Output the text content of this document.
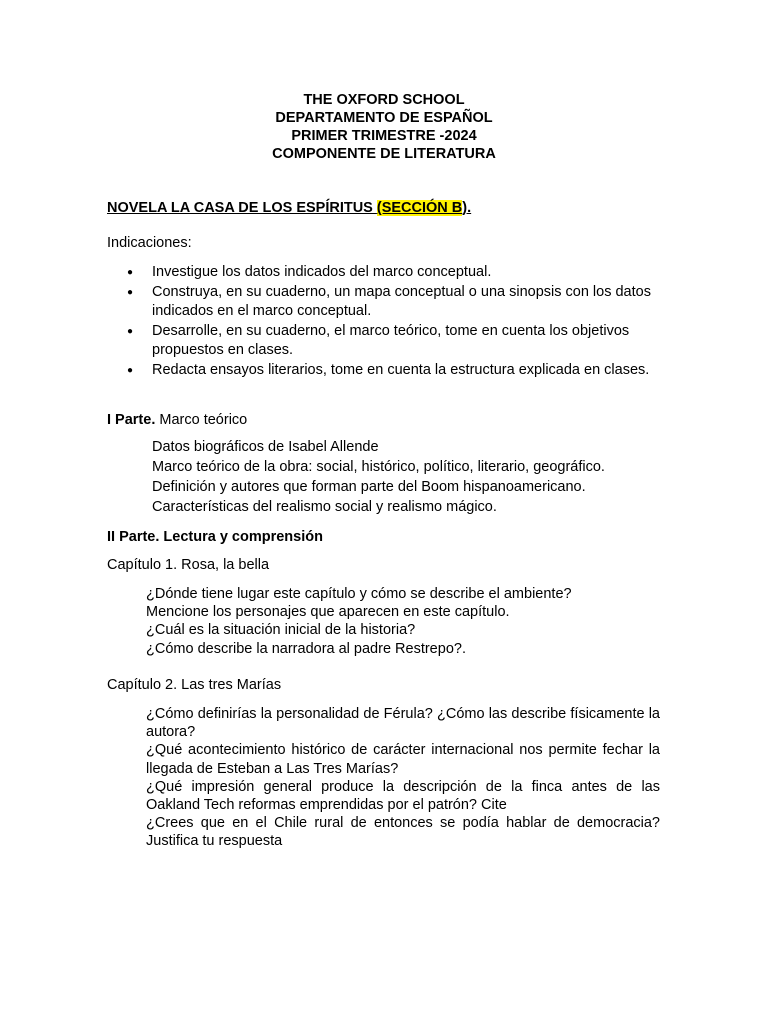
THE OXFORD SCHOOL
DEPARTAMENTO DE ESPAÑOL
PRIMER TRIMESTRE -2024
COMPONENTE DE LITERATURA
NOVELA LA CASA DE LOS ESPÍRITUS (SECCIÓN B).
Indicaciones:
● Investigue los datos indicados del marco conceptual.
● Construya, en su cuaderno, un mapa conceptual o una sinopsis con los datos indicados en el marco conceptual.
● Desarrolle, en su cuaderno, el marco teórico, tome en cuenta los objetivos propuestos en clases.
● Redacta ensayos literarios, tome en cuenta la estructura explicada en clases.
I Parte. Marco teórico
Datos biográficos de Isabel Allende
Marco teórico de la obra: social, histórico, político, literario, geográfico.
Definición y autores que forman parte del Boom hispanoamericano.
Características del realismo social y realismo mágico.
II Parte. Lectura y comprensión
Capítulo 1. Rosa, la bella
¿Dónde tiene lugar este capítulo y cómo se describe el ambiente?
Mencione los personajes que aparecen en este capítulo.
¿Cuál es la situación inicial de la historia?
¿Cómo describe la narradora al padre Restrepo?.
Capítulo 2. Las tres Marías
¿Cómo definirías la personalidad de Férula? ¿Cómo las describe físicamente la autora?
¿Qué acontecimiento histórico de carácter internacional nos permite fechar la llegada de Esteban a Las Tres Marías?
¿Qué impresión general produce la descripción de la finca antes de las Oakland Tech reformas emprendidas por el patrón? Cite
¿Crees que en el Chile rural de entonces se podía hablar de democracia? Justifica tu respuesta
